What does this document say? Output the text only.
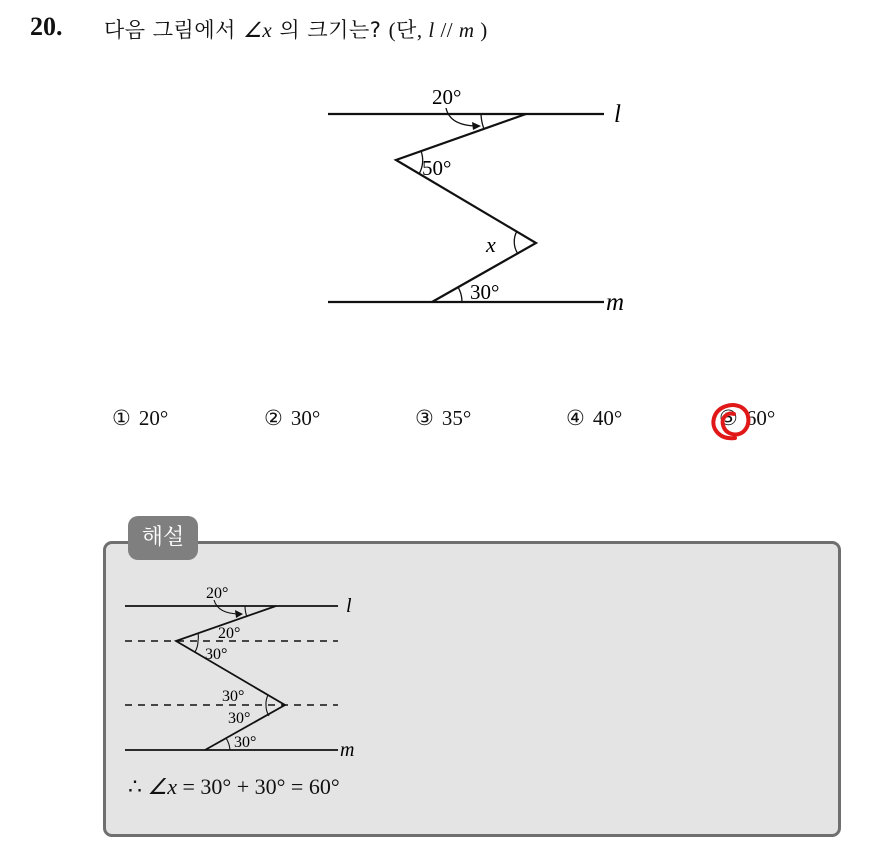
20. 다음 그림에서 ∠x 의 크기는? (단, l // m )
20°
50°
x
30°
l
m
① 20°	② 30°	③ 35°	④ 40°	⑤ 60°
해설
20°
20°
30°
30°
30°
30°
l
m
∴ ∠x = 30° + 30° = 60°
